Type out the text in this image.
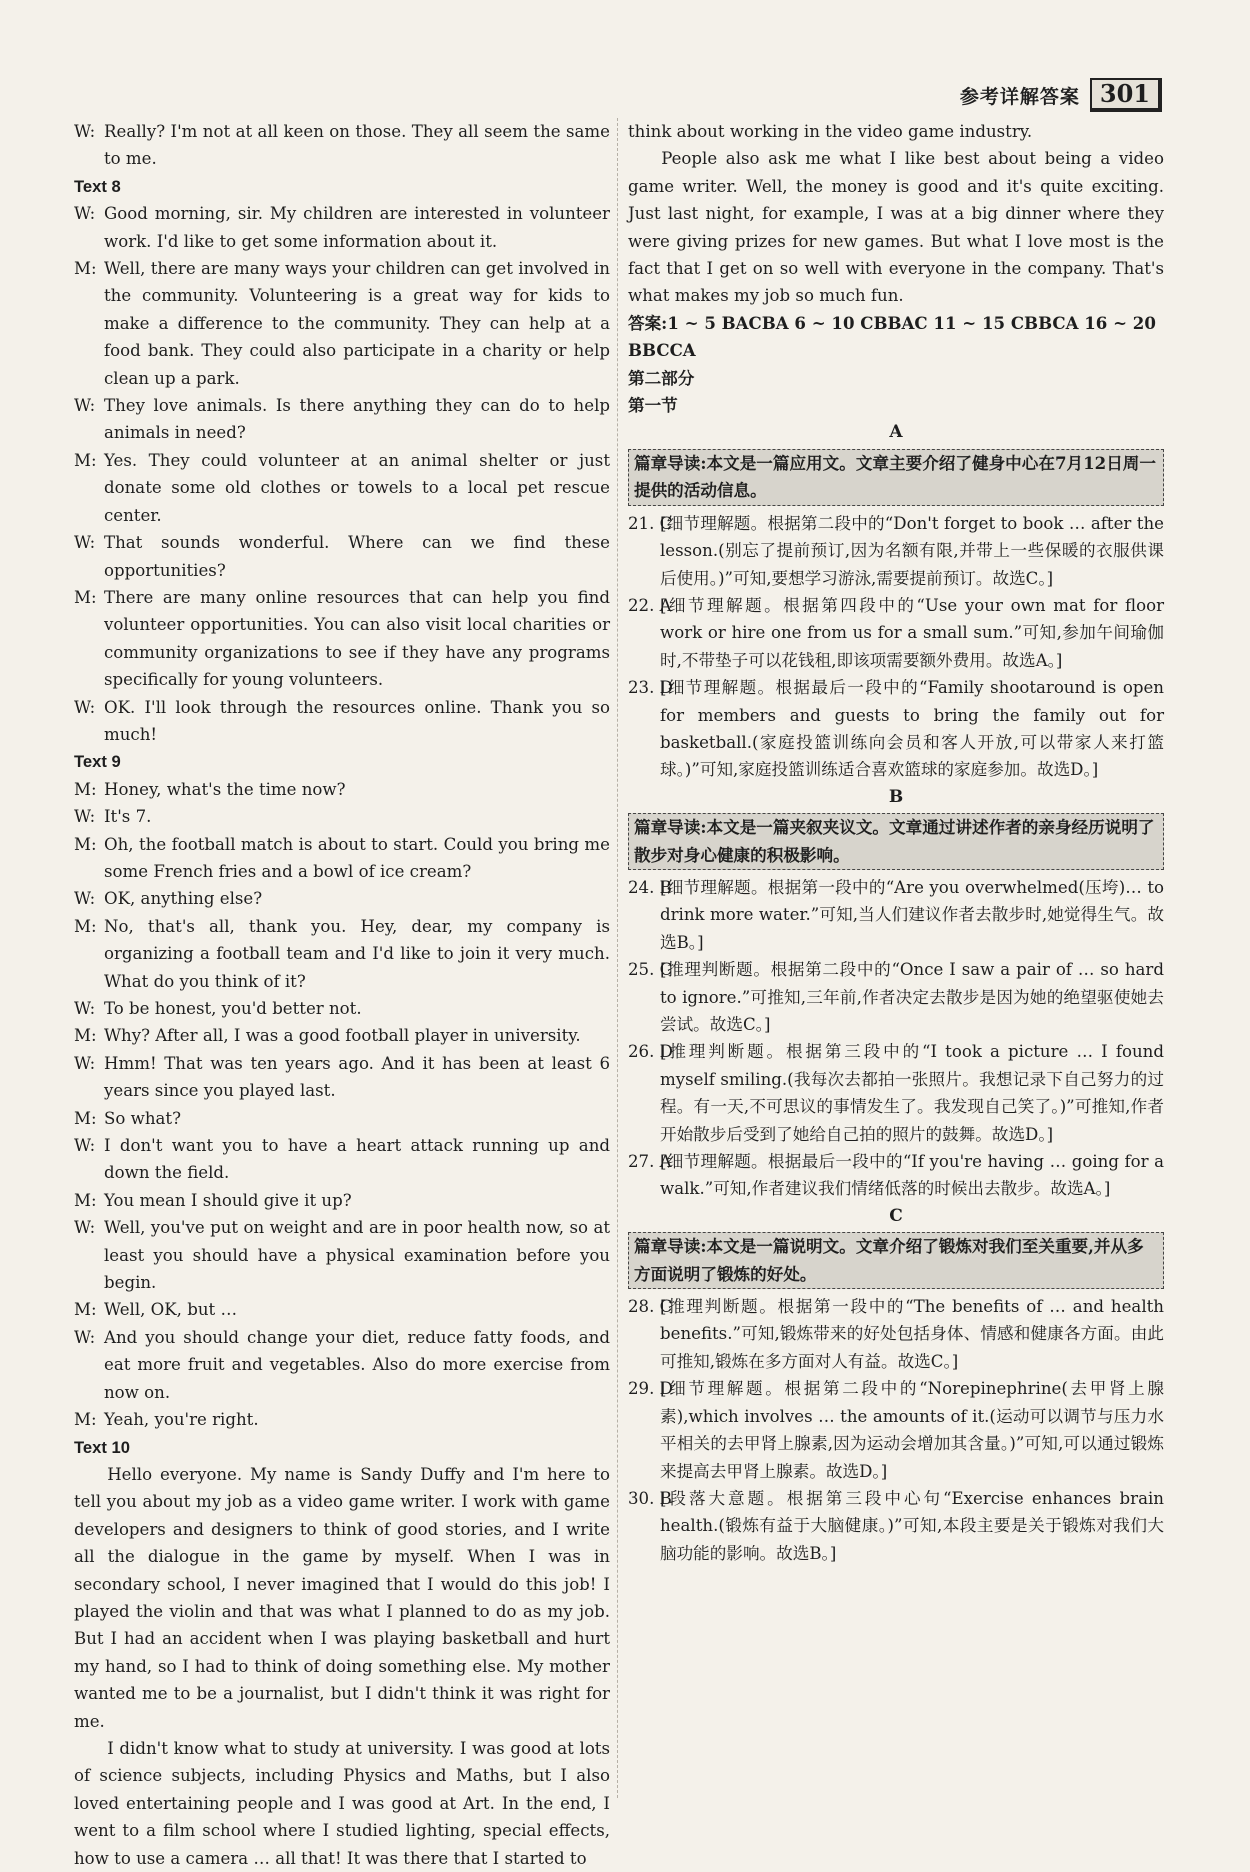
参考详解答案 301
W: Really? I'm not at all keen on those. They all seem the same to me.
Text 8
W: Good morning, sir. My children are interested in volunteer work. I'd like to get some information about it.
M: Well, there are many ways your children can get involved in the community. Volunteering is a great way for kids to make a difference to the community. They can help at a food bank. They could also participate in a charity or help clean up a park.
W: They love animals. Is there anything they can do to help animals in need?
M: Yes. They could volunteer at an animal shelter or just donate some old clothes or towels to a local pet rescue center.
W: That sounds wonderful. Where can we find these opportunities?
M: There are many online resources that can help you find volunteer opportunities. You can also visit local charities or community organizations to see if they have any programs specifically for young volunteers.
W: OK. I'll look through the resources online. Thank you so much!
Text 9
M: Honey, what's the time now?
W: It's 7.
M: Oh, the football match is about to start. Could you bring me some French fries and a bowl of ice cream?
W: OK, anything else?
M: No, that's all, thank you. Hey, dear, my company is organizing a football team and I'd like to join it very much. What do you think of it?
W: To be honest, you'd better not.
M: Why? After all, I was a good football player in university.
W: Hmm! That was ten years ago. And it has been at least 6 years since you played last.
M: So what?
W: I don't want you to have a heart attack running up and down the field.
M: You mean I should give it up?
W: Well, you've put on weight and are in poor health now, so at least you should have a physical examination before you begin.
M: Well, OK, but …
W: And you should change your diet, reduce fatty foods, and eat more fruit and vegetables. Also do more exercise from now on.
M: Yeah, you're right.
Text 10
Hello everyone. My name is Sandy Duffy and I'm here to tell you about my job as a video game writer. I work with game developers and designers to think of good stories, and I write all the dialogue in the game by myself. When I was in secondary school, I never imagined that I would do this job! I played the violin and that was what I planned to do as my job. But I had an accident when I was playing basketball and hurt my hand, so I had to think of doing something else. My mother wanted me to be a journalist, but I didn't think it was right for me.
I didn't know what to study at university. I was good at lots of science subjects, including Physics and Maths, but I also loved entertaining people and I was good at Art. In the end, I went to a film school where I studied lighting, special effects, how to use a camera … all that! It was there that I started to
think about working in the video game industry.
People also ask me what I like best about being a video game writer. Well, the money is good and it's quite exciting. Just last night, for example, I was at a big dinner where they were giving prizes for new games. But what I love most is the fact that I get on so well with everyone in the company. That's what makes my job so much fun.
答案:1 ~ 5 BACBA 6 ~ 10 CBBAC 11 ~ 15 CBBCA 16 ~ 20 BBCCA
第二部分
第一节
A
篇章导读:本文是一篇应用文。文章主要介绍了健身中心在7月12日周一提供的活动信息。
21. C
[细节理解题。根据第二段中的“Don't forget to book … after the lesson.(别忘了提前预订,因为名额有限,并带上一些保暖的衣服供课后使用。)”可知,要想学习游泳,需要提前预订。故选C。]
22. A
[细节理解题。根据第四段中的“Use your own mat for floor work or hire one from us for a small sum.”可知,参加午间瑜伽时,不带垫子可以花钱租,即该项需要额外费用。故选A。]
23. D
[细节理解题。根据最后一段中的“Family shootaround is open for members and guests to bring the family out for basketball.(家庭投篮训练向会员和客人开放,可以带家人来打篮球。)”可知,家庭投篮训练适合喜欢篮球的家庭参加。故选D。]
B
篇章导读:本文是一篇夹叙夹议文。文章通过讲述作者的亲身经历说明了散步对身心健康的积极影响。
24. B
[细节理解题。根据第一段中的“Are you overwhelmed(压垮)… to drink more water.”可知,当人们建议作者去散步时,她觉得生气。故选B。]
25. C
[推理判断题。根据第二段中的“Once I saw a pair of … so hard to ignore.”可推知,三年前,作者决定去散步是因为她的绝望驱使她去尝试。故选C。]
26. D
[推理判断题。根据第三段中的“I took a picture … I found myself smiling.(我每次去都拍一张照片。我想记录下自己努力的过程。有一天,不可思议的事情发生了。我发现自己笑了。)”可推知,作者开始散步后受到了她给自己拍的照片的鼓舞。故选D。]
27. A
[细节理解题。根据最后一段中的“If you're having … going for a walk.”可知,作者建议我们情绪低落的时候出去散步。故选A。]
C
篇章导读:本文是一篇说明文。文章介绍了锻炼对我们至关重要,并从多方面说明了锻炼的好处。
28. C
[推理判断题。根据第一段中的“The benefits of … and health benefits.”可知,锻炼带来的好处包括身体、情感和健康各方面。由此可推知,锻炼在多方面对人有益。故选C。]
29. D
[细节理解题。根据第二段中的“Norepinephrine(去甲肾上腺素),which involves … the amounts of it.(运动可以调节与压力水平相关的去甲肾上腺素,因为运动会增加其含量。)”可知,可以通过锻炼来提高去甲肾上腺素。故选D。]
30. B
[段落大意题。根据第三段中心句“Exercise enhances brain health.(锻炼有益于大脑健康。)”可知,本段主要是关于锻炼对我们大脑功能的影响。故选B。]
